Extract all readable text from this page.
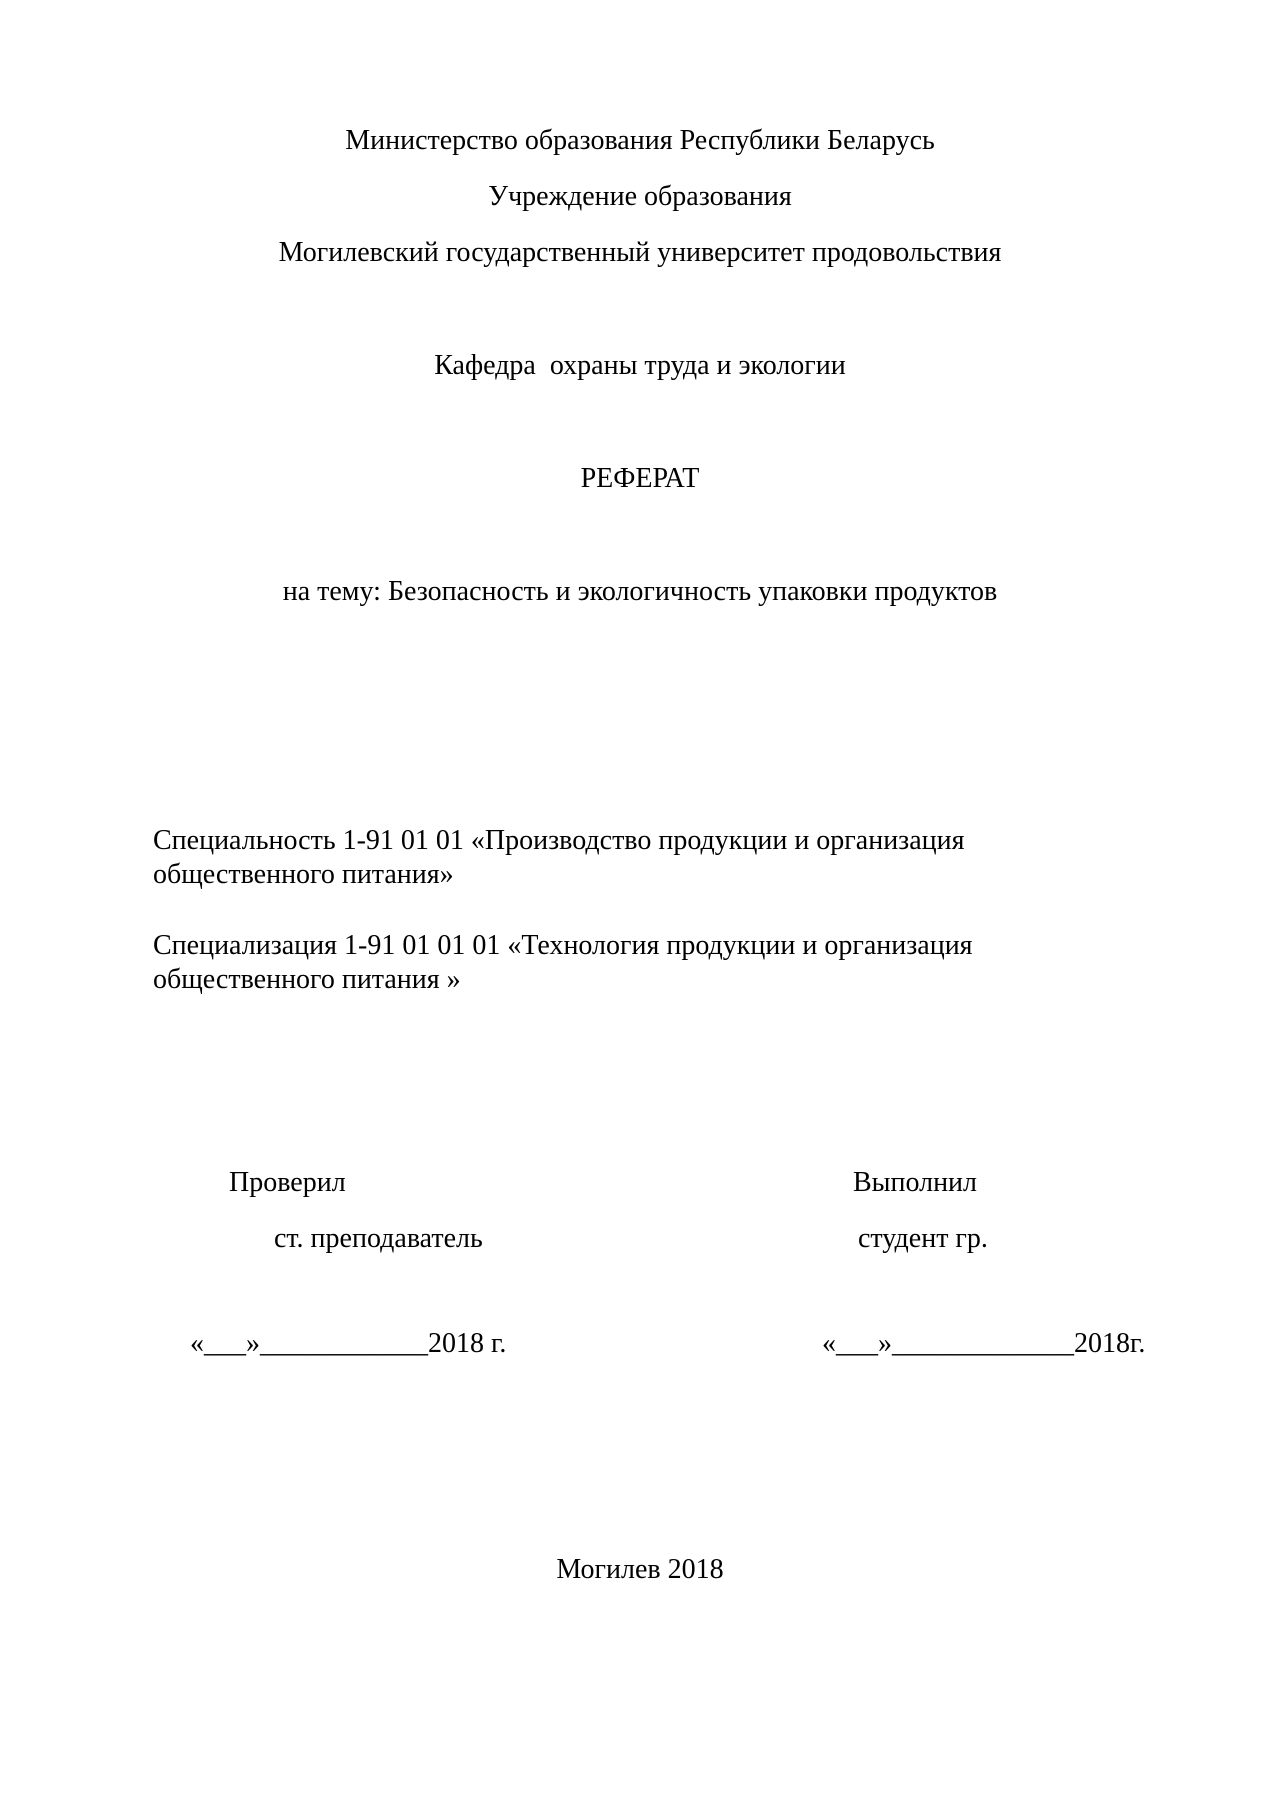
Министерство образования Республики Беларусь
Учреждение образования
Могилевский государственный университет продовольствия
Кафедра  охраны труда и экологии
РЕФЕРАТ
на тему: Безопасность и экологичность упаковки продуктов
Специальность 1-91 01 01 «Производство продукции и организация
общественного питания»
Специализация 1-91 01 01 01 «Технология продукции и организация
общественного питания »
Проверил
ст. преподаватель
«___»____________2018 г.
Выполнил
студент гр.
«___»_____________2018г.
Могилев 2018
